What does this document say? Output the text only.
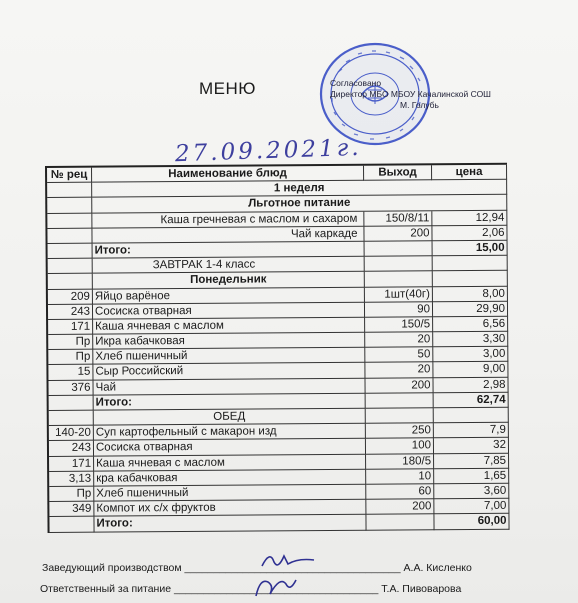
МЕНЮ	Согласовано
Директор МБО МБОУ Качалинской СОШ
М. Голубь
27.09.2021г.
№ рец	Наименование блюд	Выход	цена
1 неделя
Льготное питание
Каша гречневая с маслом и сахаром	150/8/11	12,94
Чай каркаде	200	2,06
Итого:	15,00
ЗАВТРАК 1-4 класс
Понедельник
209 Яйцо варёное	1шт(40г)	8,00
243 Сосиска отварная	90	29,90
171 Каша ячневая с маслом	150/5	6,56
Пр Икра кабачковая	20	3,30
Пр Хлеб пшеничный	50	3,00
15 Сыр Российский	20	9,00
376 Чай	200	2,98
Итого:	62,74
ОБЕД
140-20 Суп картофельный с макарон изд	250	7,9
243 Сосиска отварная	100	32
171 Каша ячневая с маслом	180/5	7,85
3,13 кра кабачковая	10	1,65
Пр Хлеб пшеничный	60	3,60
349 Компот их с/х фруктов	200	7,00
Итого:	60,00
Заведующий производством _____________________________________ А.А. Кисленко
Ответственный за питание ___________________________________ Т.А. Пивоварова
